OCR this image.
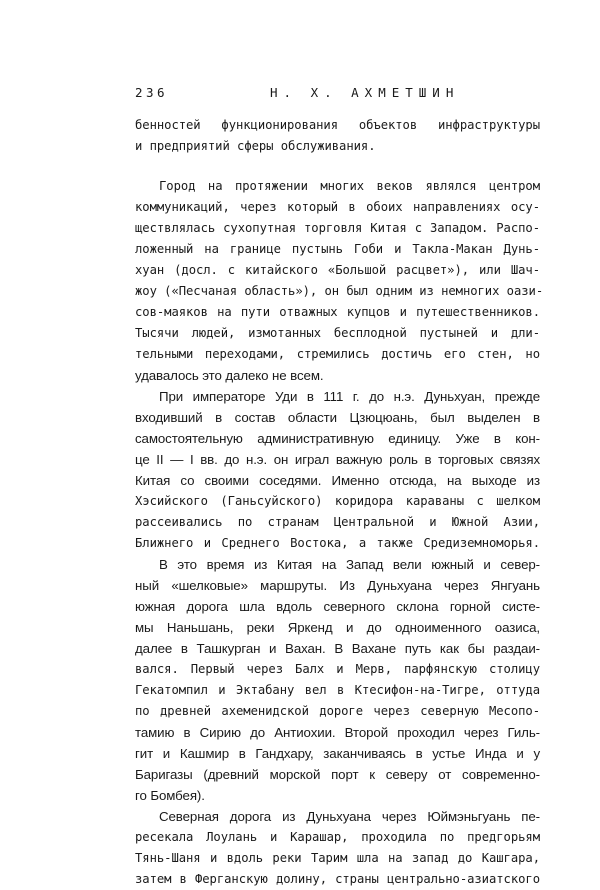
236	Н. Х. АХМЕТШИН
бенностей функционирования объектов инфраструктуры
и предприятий сферы обслуживания.
Город на протяжении многих веков являлся центром
коммуникаций, через который в обоих направлениях осу-
ществлялась сухопутная торговля Китая с Западом. Распо-
ложенный на границе пустынь Гоби и Такла-Макан Дунь-
хуан (досл. с китайского «Большой расцвет»), или Шач-
жоу («Песчаная область»), он был одним из немногих оази-
сов-маяков на пути отважных купцов и путешественников.
Тысячи людей, измотанных бесплодной пустыней и дли-
тельными переходами, стремились достичь его стен, но
удавалось это далеко не всем.
При императоре Уди в 111 г. до н.э. Дуньхуан, прежде
входивший в состав области Цзюцюань, был выделен в
самостоятельную административную единицу. Уже в кон-
це II — I вв. до н.э. он играл важную роль в торговых связях
Китая со своими соседями. Именно отсюда, на выходе из
Хэсийского (Ганьсуйского) коридора караваны с шелком
рассеивались по странам Центральной и Южной Азии,
Ближнего и Среднего Востока, а также Средиземноморья.
В это время из Китая на Запад вели южный и север-
ный «шелковые» маршруты. Из Дуньхуана через Янгуань
южная дорога шла вдоль северного склона горной систе-
мы Наньшань, реки Яркенд и до одноименного оазиса,
далее в Ташкурган и Вахан. В Вахане путь как бы раздаи-
вался. Первый через Балх и Мерв, парфянскую столицу
Гекатомпил и Эктабану вел в Ктесифон-на-Тигре, оттуда
по древней ахеменидской дороге через северную Месопо-
тамию в Сирию до Антиохии. Второй проходил через Гиль-
гит и Кашмир в Гандхару, заканчиваясь в устье Инда и у
Баригазы (древний морской порт к северу от современно-
го Бомбея).
Северная дорога из Дуньхуана через Юймэньгуань пе-
ресекала Лоулань и Карашар, проходила по предгорьям
Тянь-Шаня и вдоль реки Тарим шла на запад до Кашгара,
затем в Ферганскую долину, страны центрально-азиатского
